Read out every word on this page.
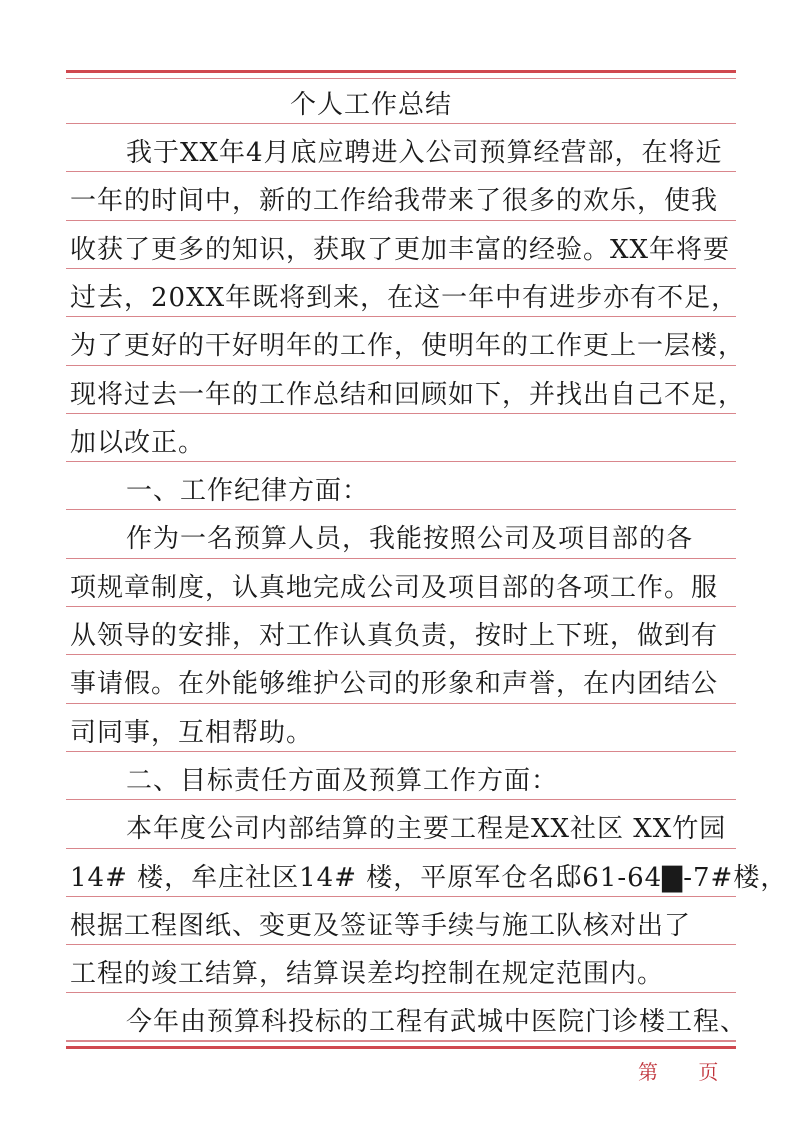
个人工作总结
我于XX年4月底应聘进入公司预算经营部，在将近
一年的时间中，新的工作给我带来了很多的欢乐，使我
收获了更多的知识，获取了更加丰富的经验。XX年将要
过去，20XX年既将到来，在这一年中有进步亦有不足，
为了更好的干好明年的工作，使明年的工作更上一层楼，
现将过去一年的工作总结和回顾如下，并找出自己不足，
加以改正。
一、工作纪律方面：
作为一名预算人员，我能按照公司及项目部的各
项规章制度，认真地完成公司及项目部的各项工作。服
从领导的安排，对工作认真负责，按时上下班，做到有
事请假。在外能够维护公司的形象和声誉，在内团结公
司同事，互相帮助。
二、目标责任方面及预算工作方面：
本年度公司内部结算的主要工程是XX社区 XX竹园
14# 楼，牟庄社区14# 楼，平原军仓名邸61-64▇-7#楼，
根据工程图纸、变更及签证等手续与施工队核对出了
工程的竣工结算，结算误差均控制在规定范围内。
今年由预算科投标的工程有武城中医院门诊楼工程、
第 页
